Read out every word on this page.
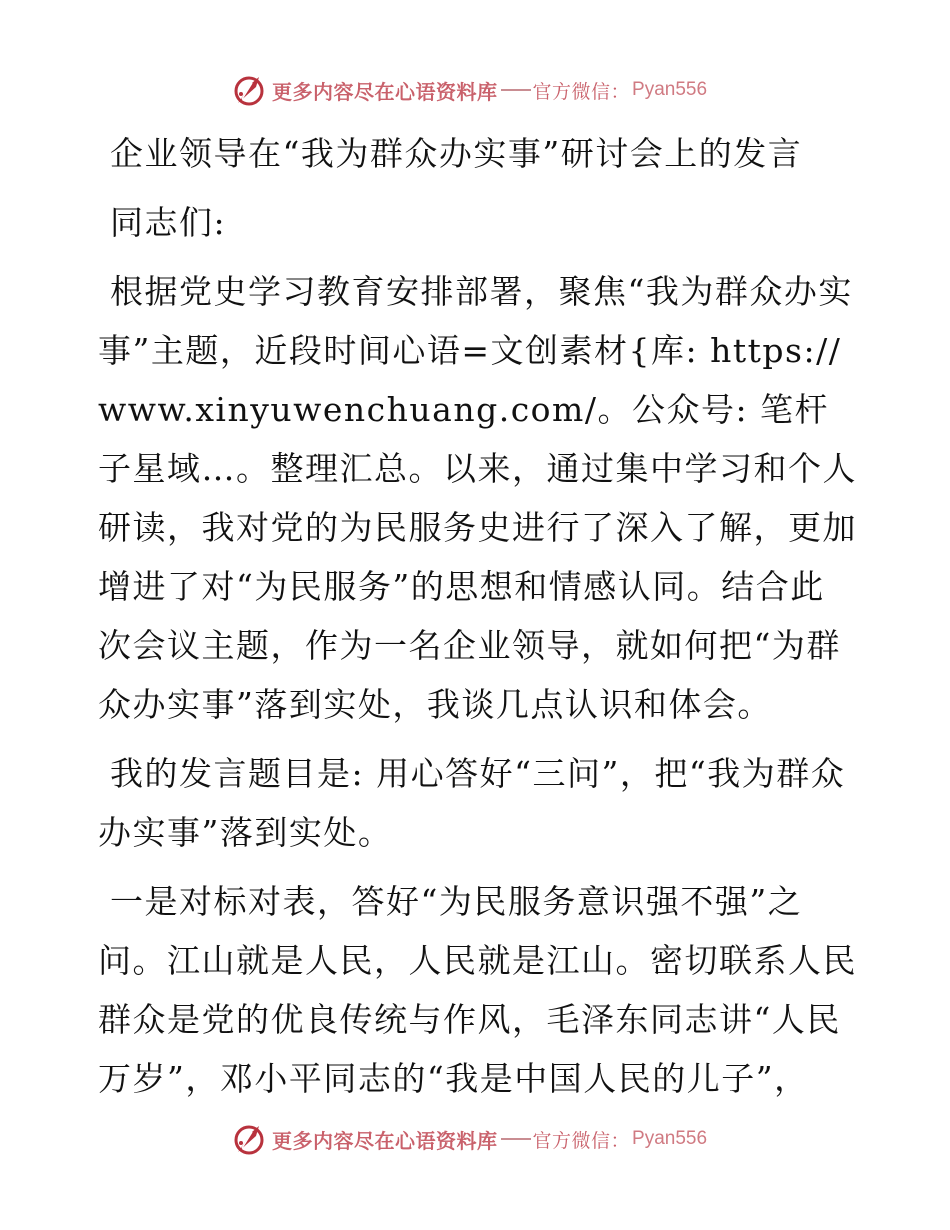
更多内容尽在心语资料库 官方微信： Pyan556

企业领导在“我为群众办实事”研讨会上的发言

同志们:

根据党史学习教育安排部署，聚焦“我为群众办实事”主题，近段时间心语=文创素材{库: https://www.xinyuwenchuang.com/。公众号: 笔杆子星域…。整理汇总。以来，通过集中学习和个人研读，我对党的为民服务史进行了深入了解，更加增进了对“为民服务”的思想和情感认同。结合此次会议主题，作为一名企业领导，就如何把“为群众办实事”落到实处，我谈几点认识和体会。

我的发言题目是: 用心答好“三问”，把“我为群众办实事”落到实处。

一是对标对表，答好“为民服务意识强不强”之问。江山就是人民，人民就是江山。密切联系人民群众是党的优良传统与作风，毛泽东同志讲“人民万岁”，邓小平同志的“我是中国人民的儿子”，

更多内容尽在心语资料库 官方微信： Pyan556
